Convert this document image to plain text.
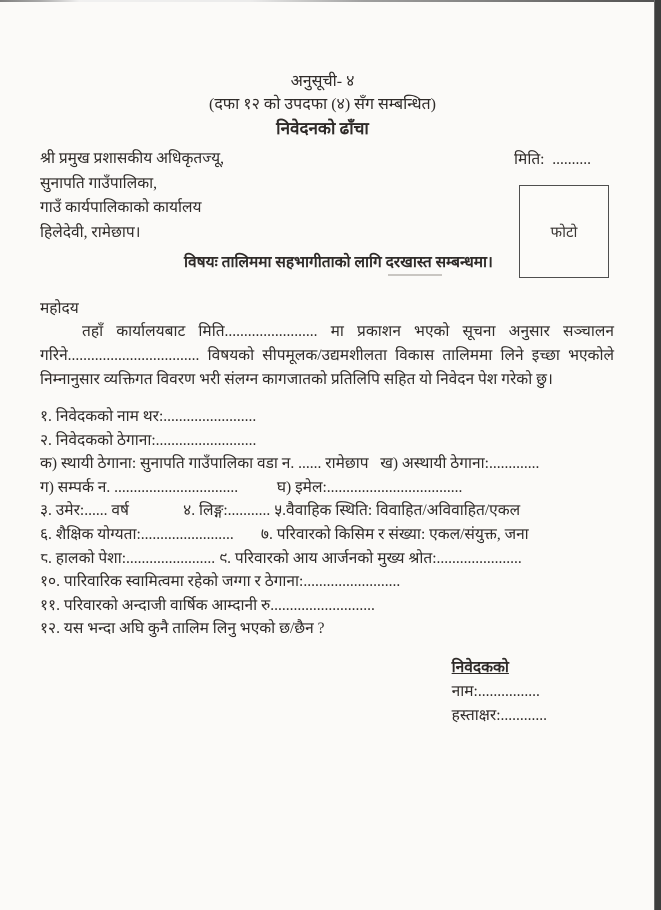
अनुसूची- ४
(दफा १२ को उपदफा (४) सँग सम्बन्धित)
निवेदनको ढाँचा
श्री प्रमुख प्रशासकीय अधिकृतज्यू,
सुनापति गाउँपालिका,
गाउँ कार्यपालिकाको कार्यालय
हिलेदेवी, रामेछाप।
मिति:  ..........
विषयः तालिममा सहभागीताको लागि दरखास्त सम्बन्धमा।
महोदय
तहाँ कार्यालयबाट मिति........................ मा प्रकाशन भएको सूचना अनुसार सञ्चालन गरिने.................................. विषयको सीपमूलक/उद्यमशीलता विकास तालिममा लिने इच्छा भएकोले निम्नानुसार व्यक्तिगत विवरण भरी संलग्न कागजातको प्रतिलिपि सहित यो निवेदन पेश गरेको छु।
१. निवेदकको नाम थर:........................
२. निवेदकको ठेगाना:..........................
क) स्थायी ठेगाना: सुनापति गाउँपालिका वडा न. ...... रामेछाप   ख) अस्थायी ठेगाना:.............
ग) सम्पर्क न. ................................          घ) इमेल:...................................
३. उमेर:...... वर्ष              ४. लिङ्ग:........... ५.वैवाहिक स्थिति: विवाहित/अविवाहित/एकल
६. शैक्षिक योग्यता:........................       ७. परिवारको किसिम र संख्या: एकल/संयुक्त, जना
८. हालको पेशा:....................... ९. परिवारको आय आर्जनको मुख्य श्रोत:......................
१०. पारिवारिक स्वामित्वमा रहेको जग्गा र ठेगाना:.........................
११. परिवारको अन्दाजी वार्षिक आम्दानी रु...........................
१२. यस भन्दा अघि कुनै तालिम लिनु भएको छ/छैन ?
निवेदकको
नाम:................
हस्ताक्षर:............
फोटो
